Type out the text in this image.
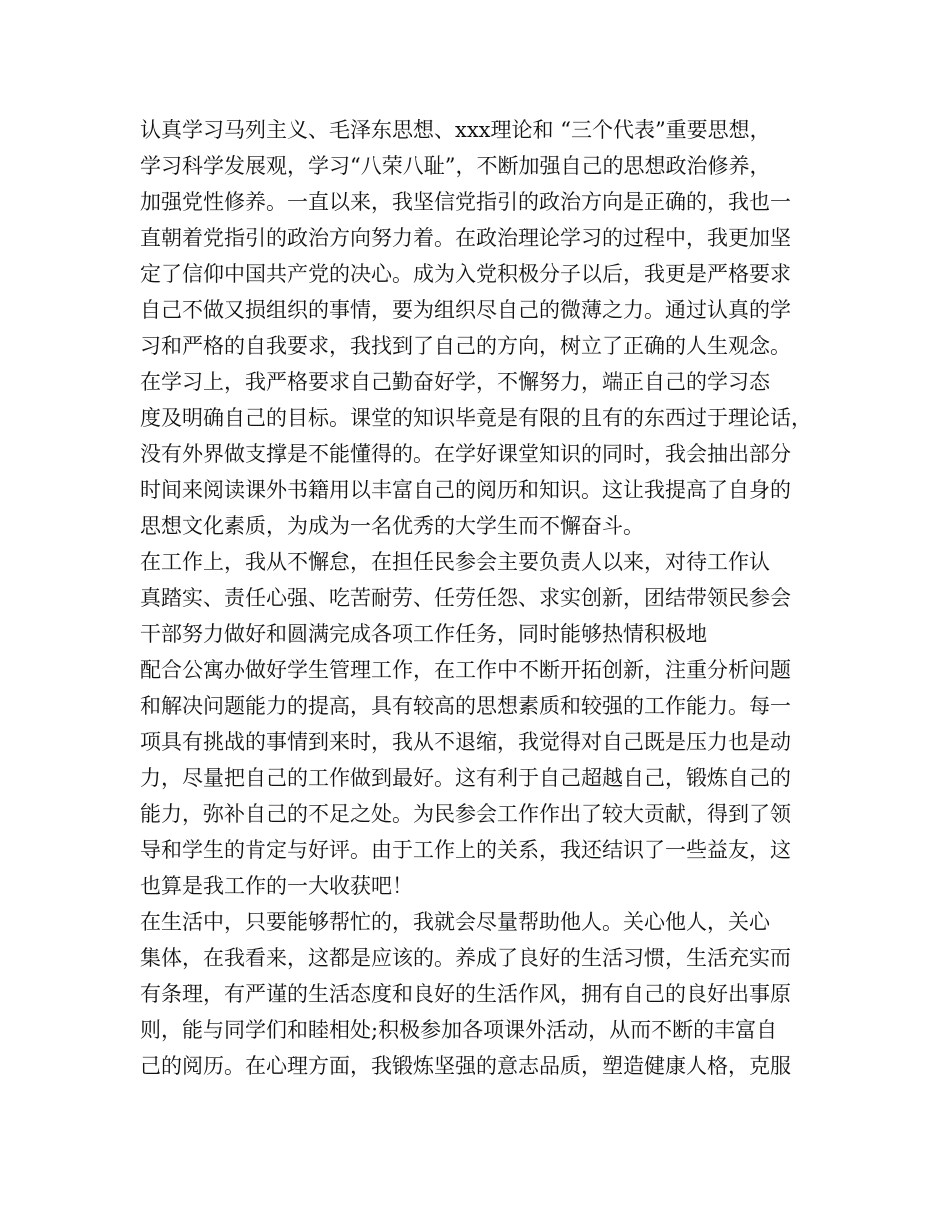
认真学习马列主义、毛泽东思想、xxx理论和 “三个代表”重要思想，
学习科学发展观，学习“八荣八耻”，不断加强自己的思想政治修养，
加强党性修养。一直以来，我坚信党指引的政治方向是正确的，我也一
直朝着党指引的政治方向努力着。在政治理论学习的过程中，我更加坚
定了信仰中国共产党的决心。成为入党积极分子以后，我更是严格要求
自己不做又损组织的事情，要为组织尽自己的微薄之力。通过认真的学
习和严格的自我要求，我找到了自己的方向，树立了正确的人生观念。
在学习上，我严格要求自己勤奋好学，不懈努力，端正自己的学习态
度及明确自己的目标。课堂的知识毕竟是有限的且有的东西过于理论话，
没有外界做支撑是不能懂得的。在学好课堂知识的同时，我会抽出部分
时间来阅读课外书籍用以丰富自己的阅历和知识。这让我提高了自身的
思想文化素质，为成为一名优秀的大学生而不懈奋斗。
在工作上，我从不懈怠，在担任民参会主要负责人以来，对待工作认
真踏实、责任心强、吃苦耐劳、任劳任怨、求实创新，团结带领民参会
干部努力做好和圆满完成各项工作任务，同时能够热情积极地
配合公寓办做好学生管理工作，在工作中不断开拓创新，注重分析问题
和解决问题能力的提高，具有较高的思想素质和较强的工作能力。每一
项具有挑战的事情到来时，我从不退缩，我觉得对自己既是压力也是动
力，尽量把自己的工作做到最好。这有利于自己超越自己，锻炼自己的
能力，弥补自己的不足之处。为民参会工作作出了较大贡献，得到了领
导和学生的肯定与好评。由于工作上的关系，我还结识了一些益友，这
也算是我工作的一大收获吧！
在生活中，只要能够帮忙的，我就会尽量帮助他人。关心他人，关心
集体，在我看来，这都是应该的。养成了良好的生活习惯，生活充实而
有条理，有严谨的生活态度和良好的生活作风，拥有自己的良好出事原
则，能与同学们和睦相处;积极参加各项课外活动，从而不断的丰富自
己的阅历。在心理方面，我锻炼坚强的意志品质，塑造健康人格，克服
